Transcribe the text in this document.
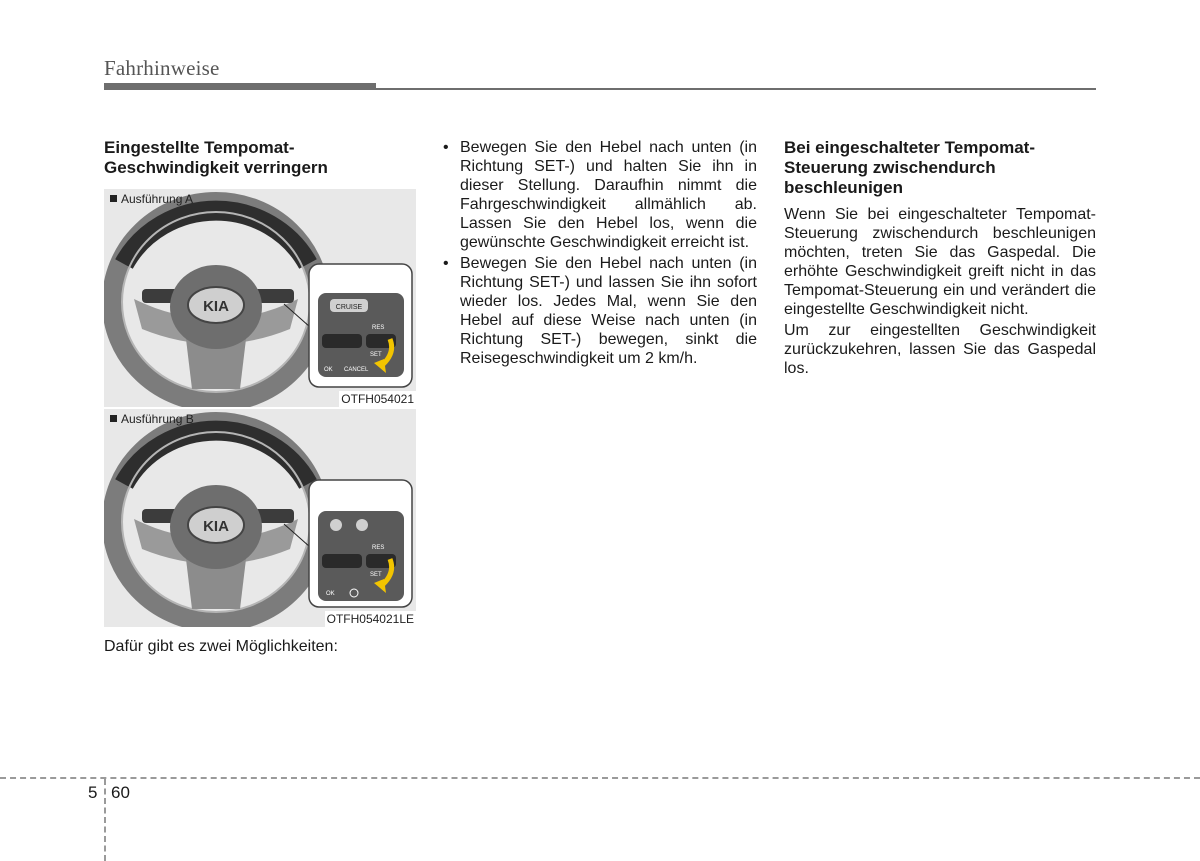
Fahrhinweise
Eingestellte Tempomat-
Geschwindigkeit verringern
KIA	CRUISE
RES
SET
OK CANCEL
Ausführung A
OTFH054021
KIA
RES
SET
OK
Ausführung B
OTFH054021LE
Dafür gibt es zwei Möglichkeiten:
• Bewegen Sie den Hebel nach unten (in Richtung SET-) und halten Sie ihn in dieser Stellung. Daraufhin nimmt die Fahrgeschwindigkeit allmählich ab. Lassen Sie den Hebel los, wenn die gewünschte Geschwindigkeit erreicht ist.
• Bewegen Sie den Hebel nach unten (in Richtung SET-) und lassen Sie ihn sofort wieder los. Jedes Mal, wenn Sie den Hebel auf diese Weise nach unten (in Richtung SET-) bewegen, sinkt die Reisegeschwindigkeit um 2 km/h.
Bei eingeschalteter Tempomat-
Steuerung zwischendurch
beschleunigen

Wenn Sie bei eingeschalteter Tempomat-Steuerung zwischendurch beschleunigen möchten, treten Sie das Gaspedal. Die erhöhte Geschwindigkeit greift nicht in das Tempomat-Steuerung ein und verändert die eingestellte Geschwindigkeit nicht.

Um zur eingestellten Geschwindigkeit zurückzukehren, lassen Sie das Gaspedal los.

5 60
